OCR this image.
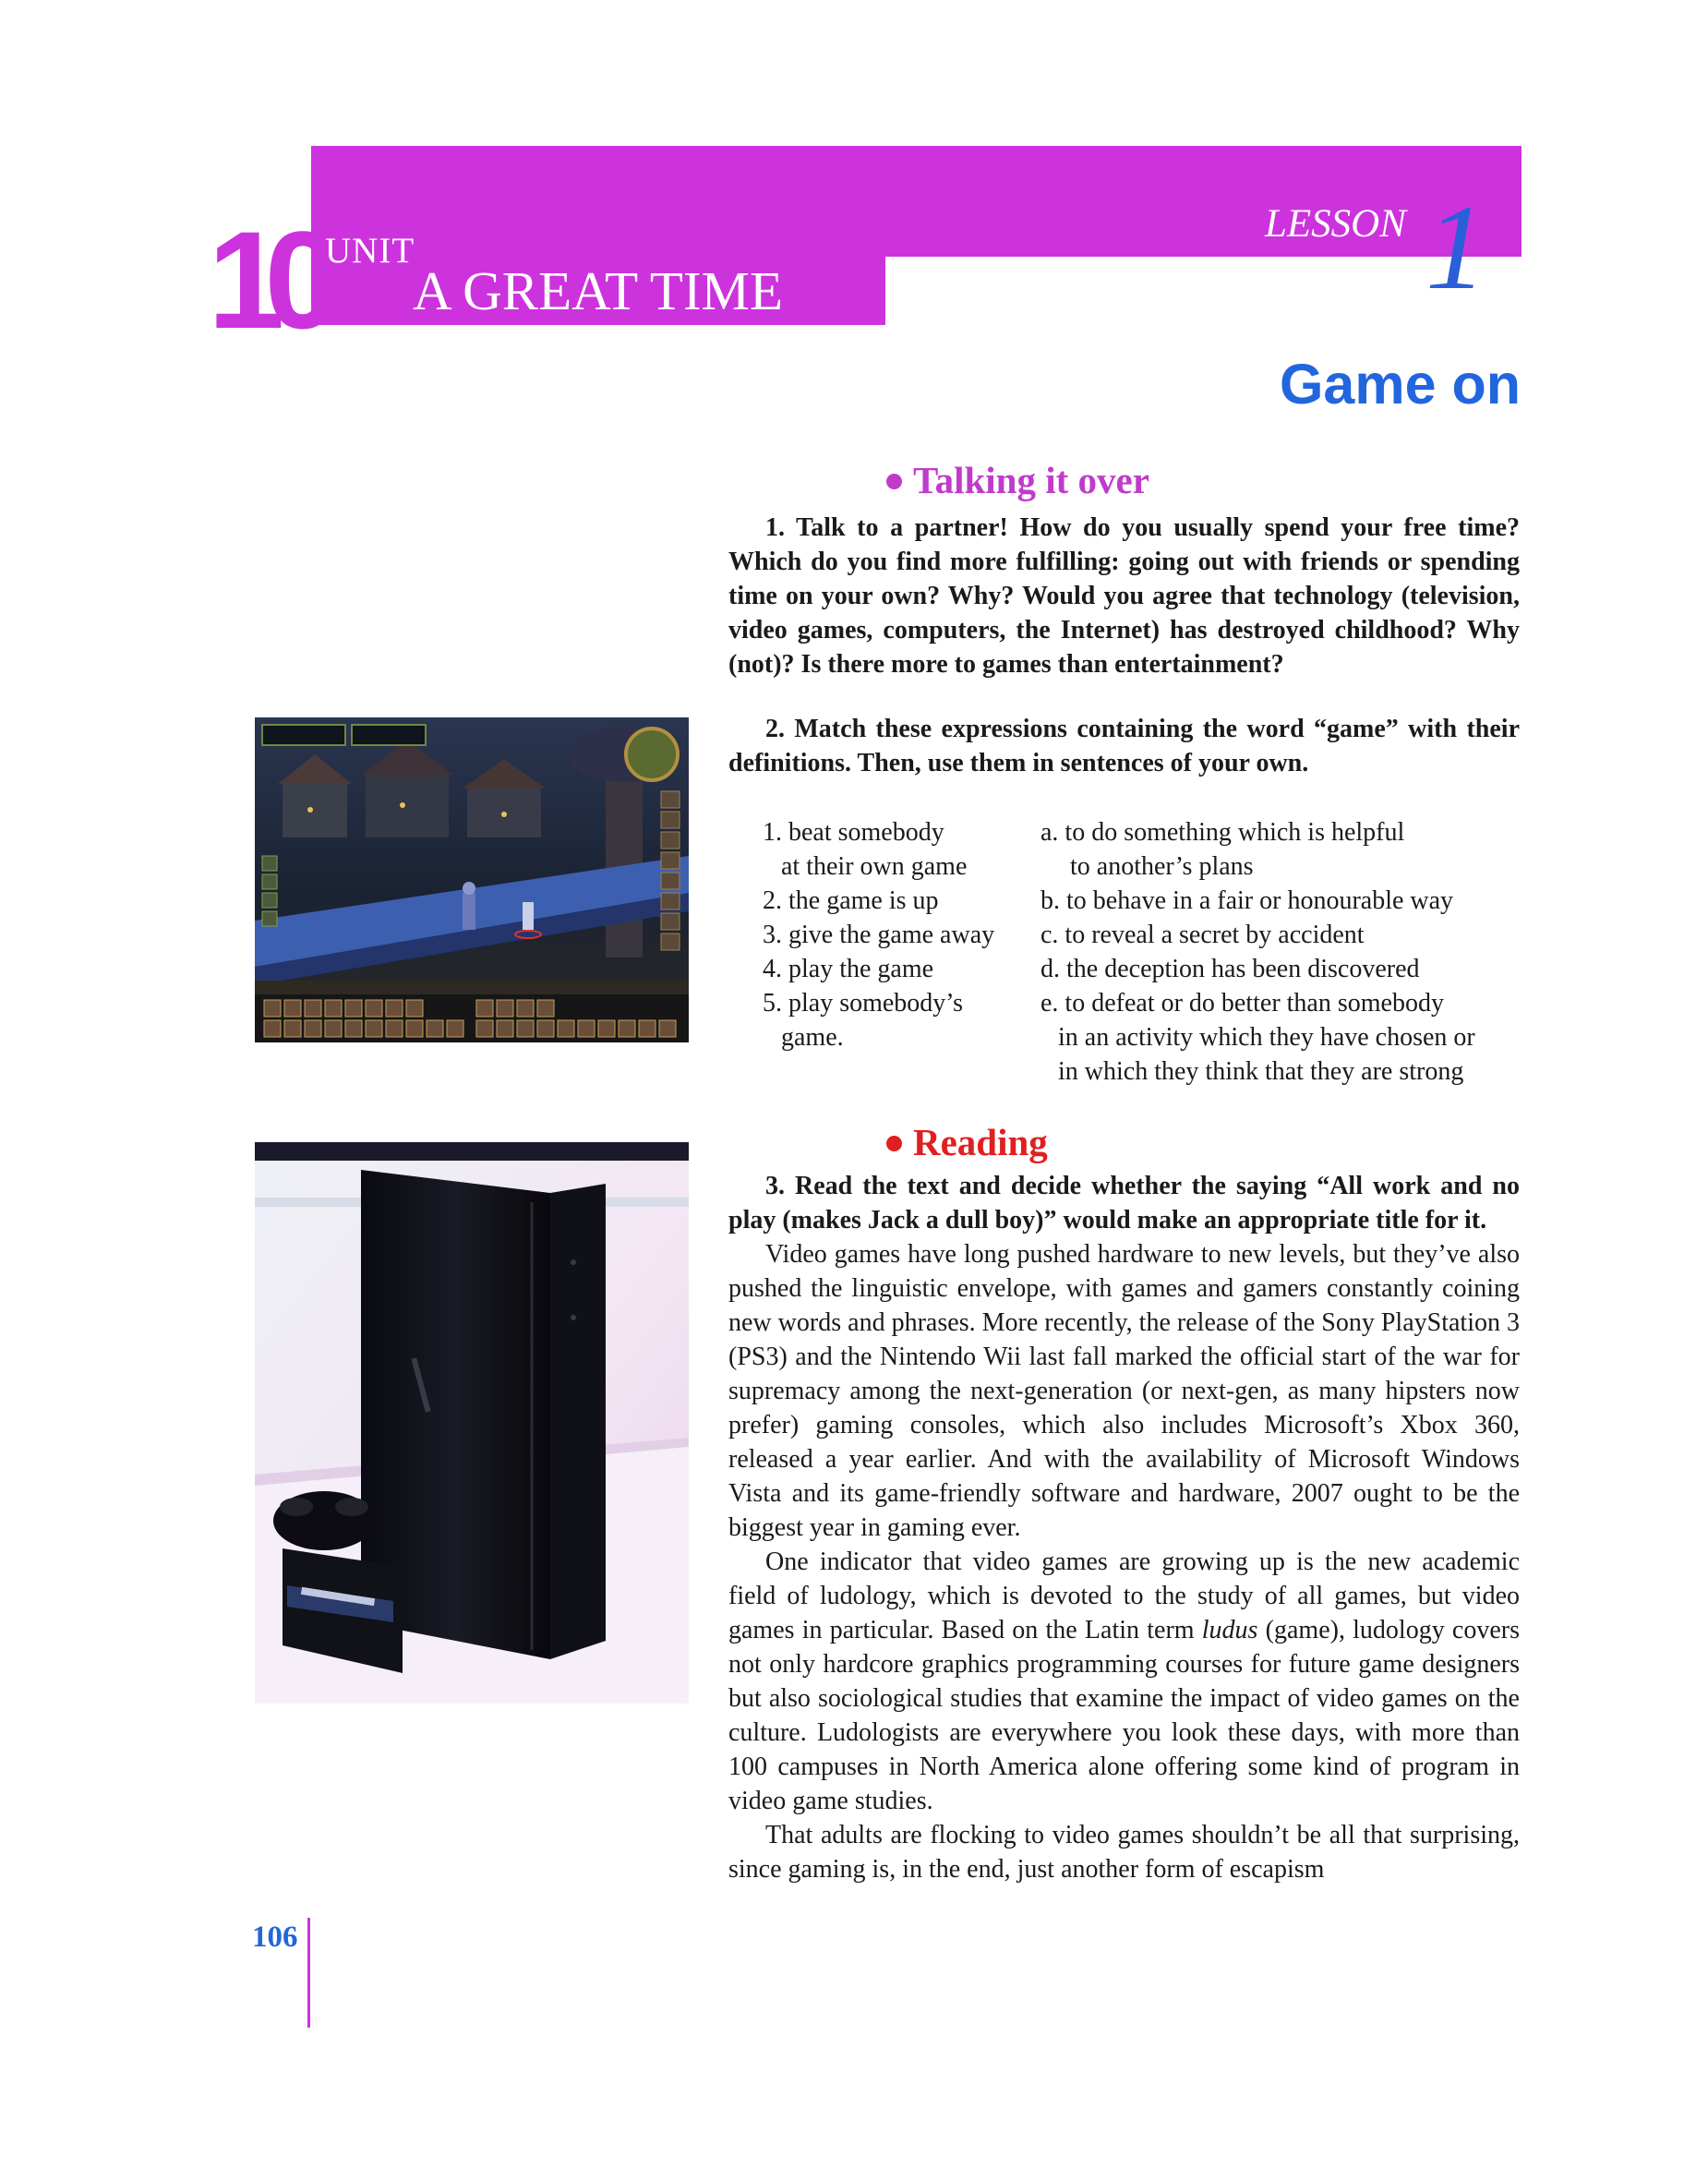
10 UNIT
A GREAT TIME
LESSON 1
Game on
Talking it over

1. Talk to a partner! How do you usually spend your free time? Which do you find more fulfilling: going out with friends or spending time on your own? Why? Would you agree that technology (television, video games, computers, the Internet) has destroyed childhood? Why (not)? Is there more to games than entertainment?

2. Match these expressions containing the word “game” with their definitions. Then, use them in sentences of your own.

1. beat somebody
at their own game
2. the game is up
3. give the game away
4. play the game
5. play somebody’s
game.
a. to do something which is helpful
to another’s plans
b. to behave in a fair or honourable way
c. to reveal a secret by accident
d. the deception has been discovered
e. to defeat or do better than somebody
in an activity which they have chosen or
in which they think that they are strong
Reading

3. Read the text and decide whether the saying “All work and no play (makes Jack a dull boy)” would make an appropriate title for it.

Video games have long pushed hardware to new levels, but they’ve also pushed the linguistic envelope, with games and gamers constantly coining new words and phrases. More recently, the release of the Sony PlayStation 3 (PS3) and the Nintendo Wii last fall marked the official start of the war for supremacy among the next-generation (or next-gen, as many hipsters now prefer) gaming consoles, which also includes Microsoft’s Xbox 360, released a year earlier. And with the availability of Microsoft Windows Vista and its game-friendly software and hardware, 2007 ought to be the biggest year in gaming ever.

One indicator that video games are growing up is the new academic field of ludology, which is devoted to the study of all games, but video games in particular. Based on the Latin term ludus (game), ludology covers not only hardcore graphics programming courses for future game designers but also sociological studies that examine the impact of video games on the culture. Ludologists are everywhere you look these days, with more than 100 campuses in North America alone offering some kind of program in video game studies.

That adults are flocking to video games shouldn’t be all that surprising, since gaming is, in the end, just another form of escapism

106
